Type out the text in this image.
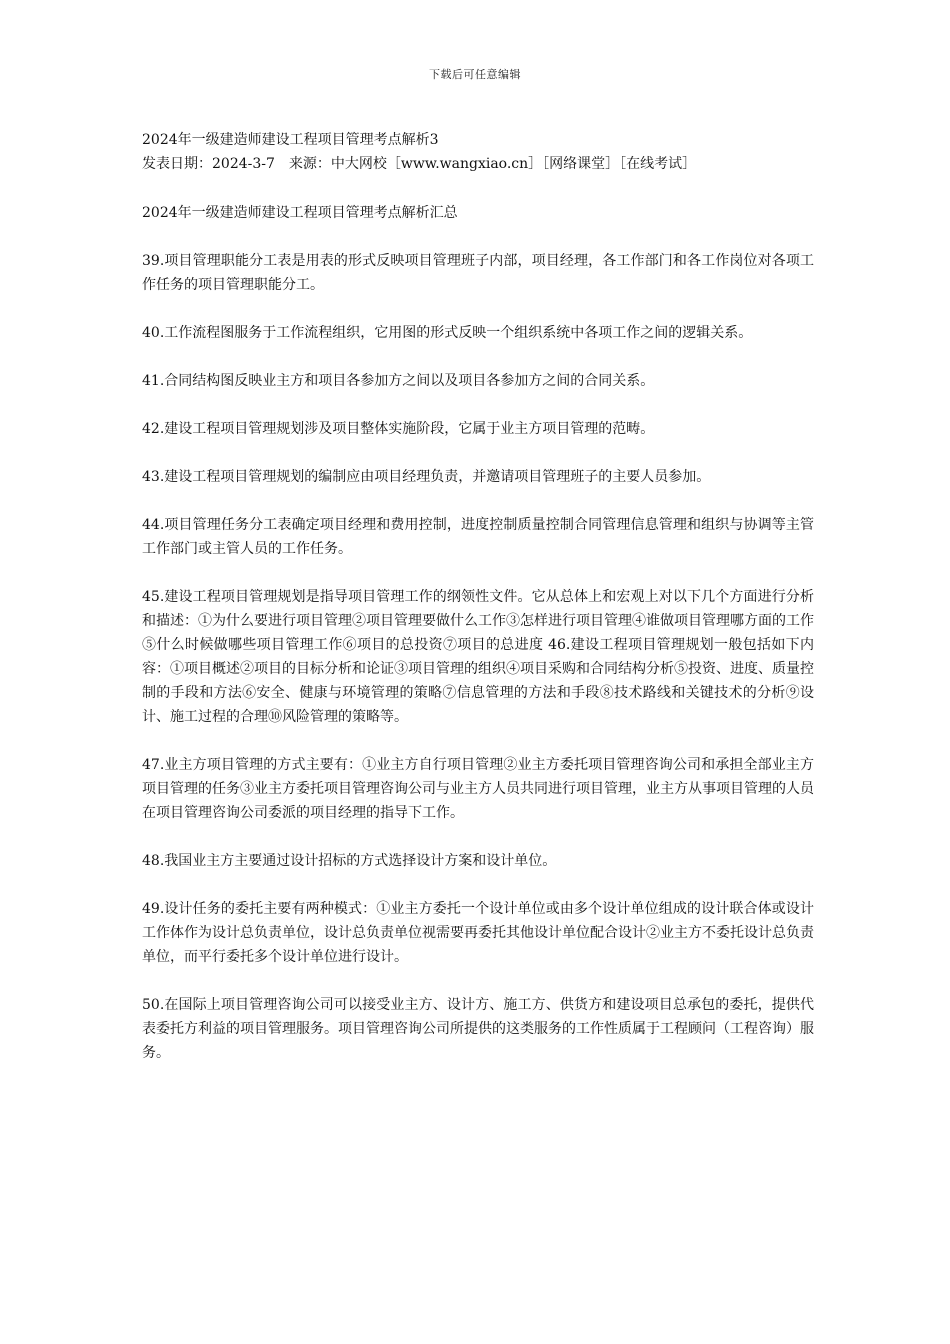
下载后可任意编辑

2024年一级建造师建设工程项目管理考点解析3

发表日期：2024-3-7　来源：中大网校［www.wangxiao.cn］［网络课堂］［在线考试］

2024年一级建造师建设工程项目管理考点解析汇总

39.项目管理职能分工表是用表的形式反映项目管理班子内部，项目经理，各工作部门和各工作岗位对各项工作任务的项目管理职能分工。

40.工作流程图服务于工作流程组织，它用图的形式反映一个组织系统中各项工作之间的逻辑关系。

41.合同结构图反映业主方和项目各参加方之间以及项目各参加方之间的合同关系。

42.建设工程项目管理规划涉及项目整体实施阶段，它属于业主方项目管理的范畴。

43.建设工程项目管理规划的编制应由项目经理负责，并邀请项目管理班子的主要人员参加。

44.项目管理任务分工表确定项目经理和费用控制，进度控制质量控制合同管理信息管理和组织与协调等主管工作部门或主管人员的工作任务。

45.建设工程项目管理规划是指导项目管理工作的纲领性文件。它从总体上和宏观上对以下几个方面进行分析和描述：①为什么要进行项目管理②项目管理要做什么工作③怎样进行项目管理④谁做项目管理哪方面的工作⑤什么时候做哪些项目管理工作⑥项目的总投资⑦项目的总进度 46.建设工程项目管理规划一般包括如下内容：①项目概述②项目的目标分析和论证③项目管理的组织④项目采购和合同结构分析⑤投资、进度、质量控制的手段和方法⑥安全、健康与环境管理的策略⑦信息管理的方法和手段⑧技术路线和关键技术的分析⑨设计、施工过程的合理⑩风险管理的策略等。

47.业主方项目管理的方式主要有：①业主方自行项目管理②业主方委托项目管理咨询公司和承担全部业主方项目管理的任务③业主方委托项目管理咨询公司与业主方人员共同进行项目管理，业主方从事项目管理的人员在项目管理咨询公司委派的项目经理的指导下工作。

48.我国业主方主要通过设计招标的方式选择设计方案和设计单位。

49.设计任务的委托主要有两种模式：①业主方委托一个设计单位或由多个设计单位组成的设计联合体或设计工作体作为设计总负责单位，设计总负责单位视需要再委托其他设计单位配合设计②业主方不委托设计总负责单位，而平行委托多个设计单位进行设计。

50.在国际上项目管理咨询公司可以接受业主方、设计方、施工方、供货方和建设项目总承包的委托，提供代表委托方利益的项目管理服务。项目管理咨询公司所提供的这类服务的工作性质属于工程顾问（工程咨询）服务。
